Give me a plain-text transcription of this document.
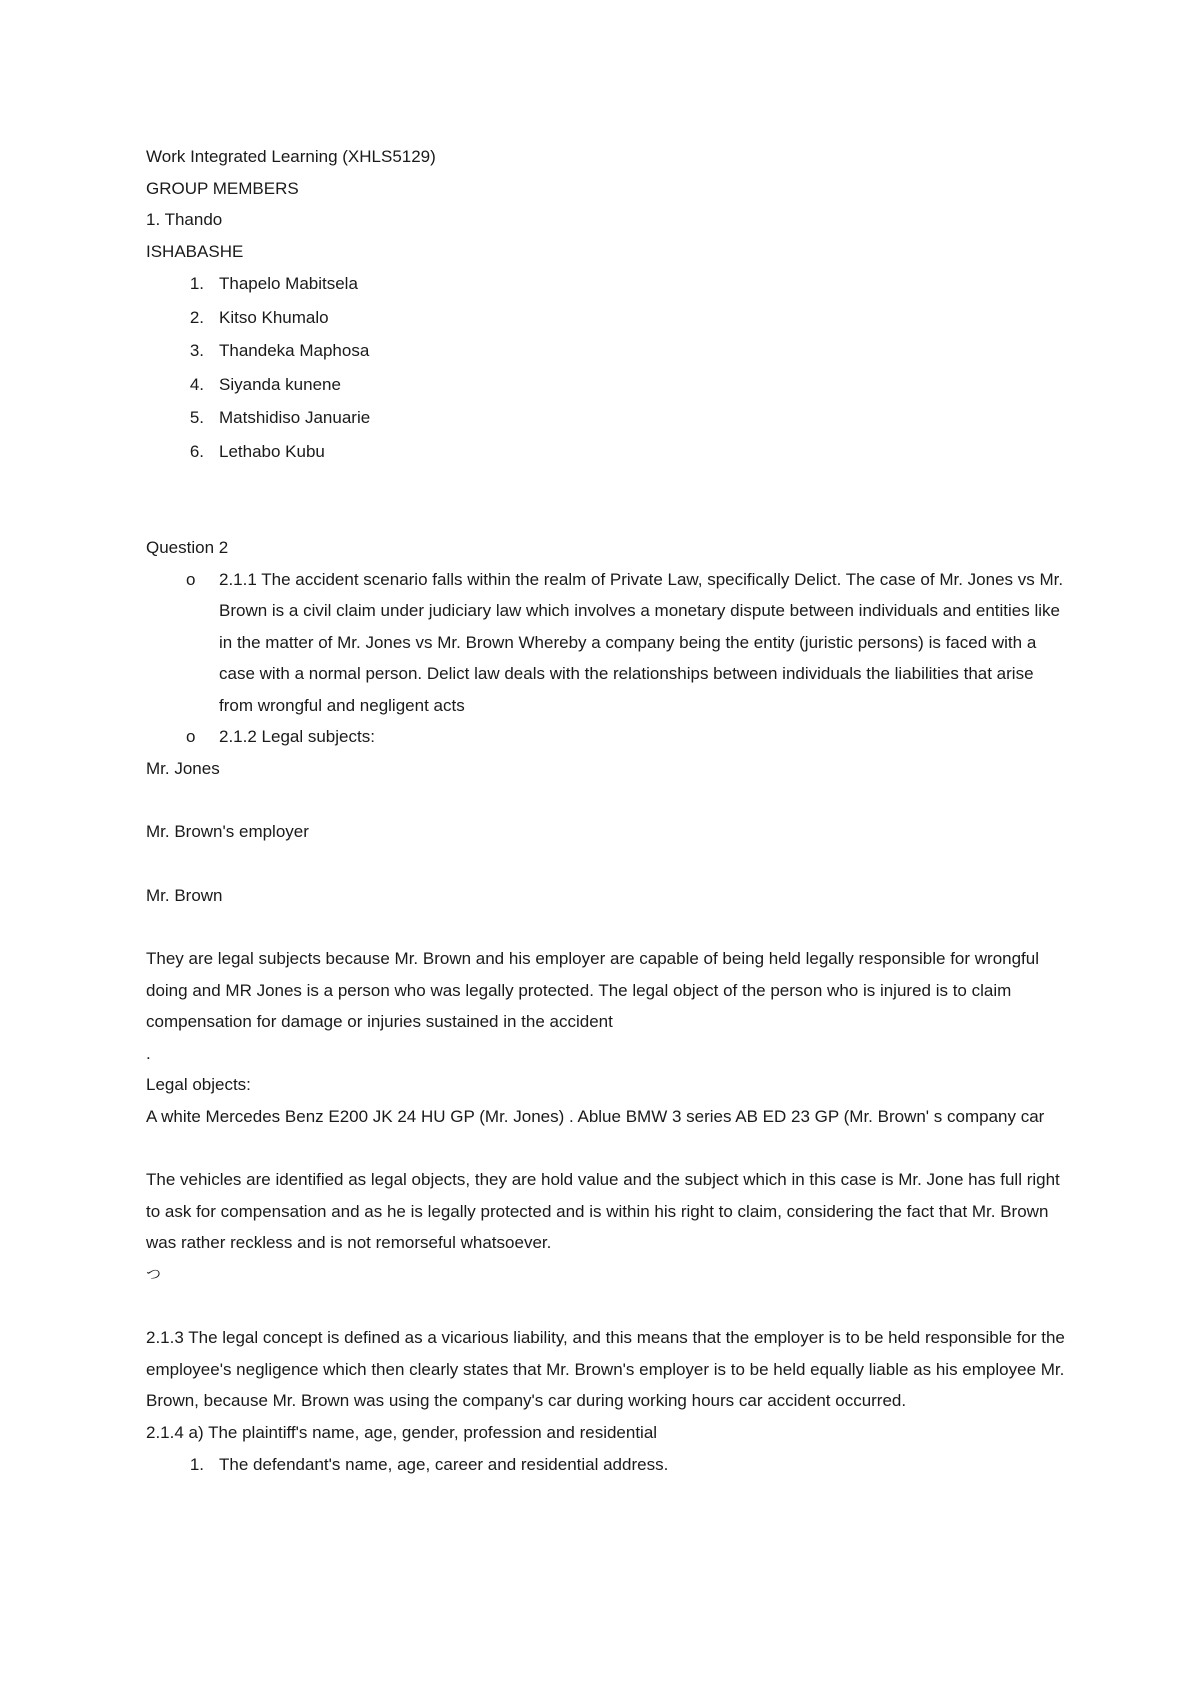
Work Integrated Learning (XHLS5129)

GROUP MEMBERS

1. Thando

ISHABASHE

1. Thapelo Mabitsela
2. Kitso Khumalo
3. Thandeka Maphosa
4. Siyanda kunene
5. Matshidiso Januarie
6. Lethabo Kubu

Question 2

o 2.1.1 The accident scenario falls within the realm of Private Law, specifically Delict. The case of Mr. Jones vs Mr. Brown is a civil claim under judiciary law which involves a monetary dispute between individuals and entities like in the matter of Mr. Jones vs Mr. Brown Whereby a company being the entity (juristic persons) is faced with a case with a normal person. Delict law deals with the relationships between individuals the liabilities that arise from wrongful and negligent acts
o 2.1.2 Legal subjects:

Mr. Jones

Mr. Brown's employer

Mr. Brown

They are legal subjects because Mr. Brown and his employer are capable of being held legally responsible for wrongful doing and MR Jones is a person who was legally protected. The legal object of the person who is injured is to claim compensation for damage or injuries sustained in the accident

.

Legal objects:

A white Mercedes Benz E200 JK 24 HU GP (Mr. Jones) . Ablue BMW 3 series AB ED 23 GP (Mr. Brown' s company car

The vehicles are identified as legal objects, they are hold value and the subject which in this case is Mr. Jone has full right to ask for compensation and as he is legally protected and is within his right to claim, considering the fact that Mr. Brown was rather reckless and is not remorseful whatsoever.

つ

2.1.3 The legal concept is defined as a vicarious liability, and this means that the employer is to be held responsible for the employee's negligence which then clearly states that Mr. Brown's employer is to be held equally liable as his employee Mr. Brown, because Mr. Brown was using the company's car during working hours car accident occurred.

2.1.4 a) The plaintiff's name, age, gender, profession and residential

1. The defendant's name, age, career and residential address.
